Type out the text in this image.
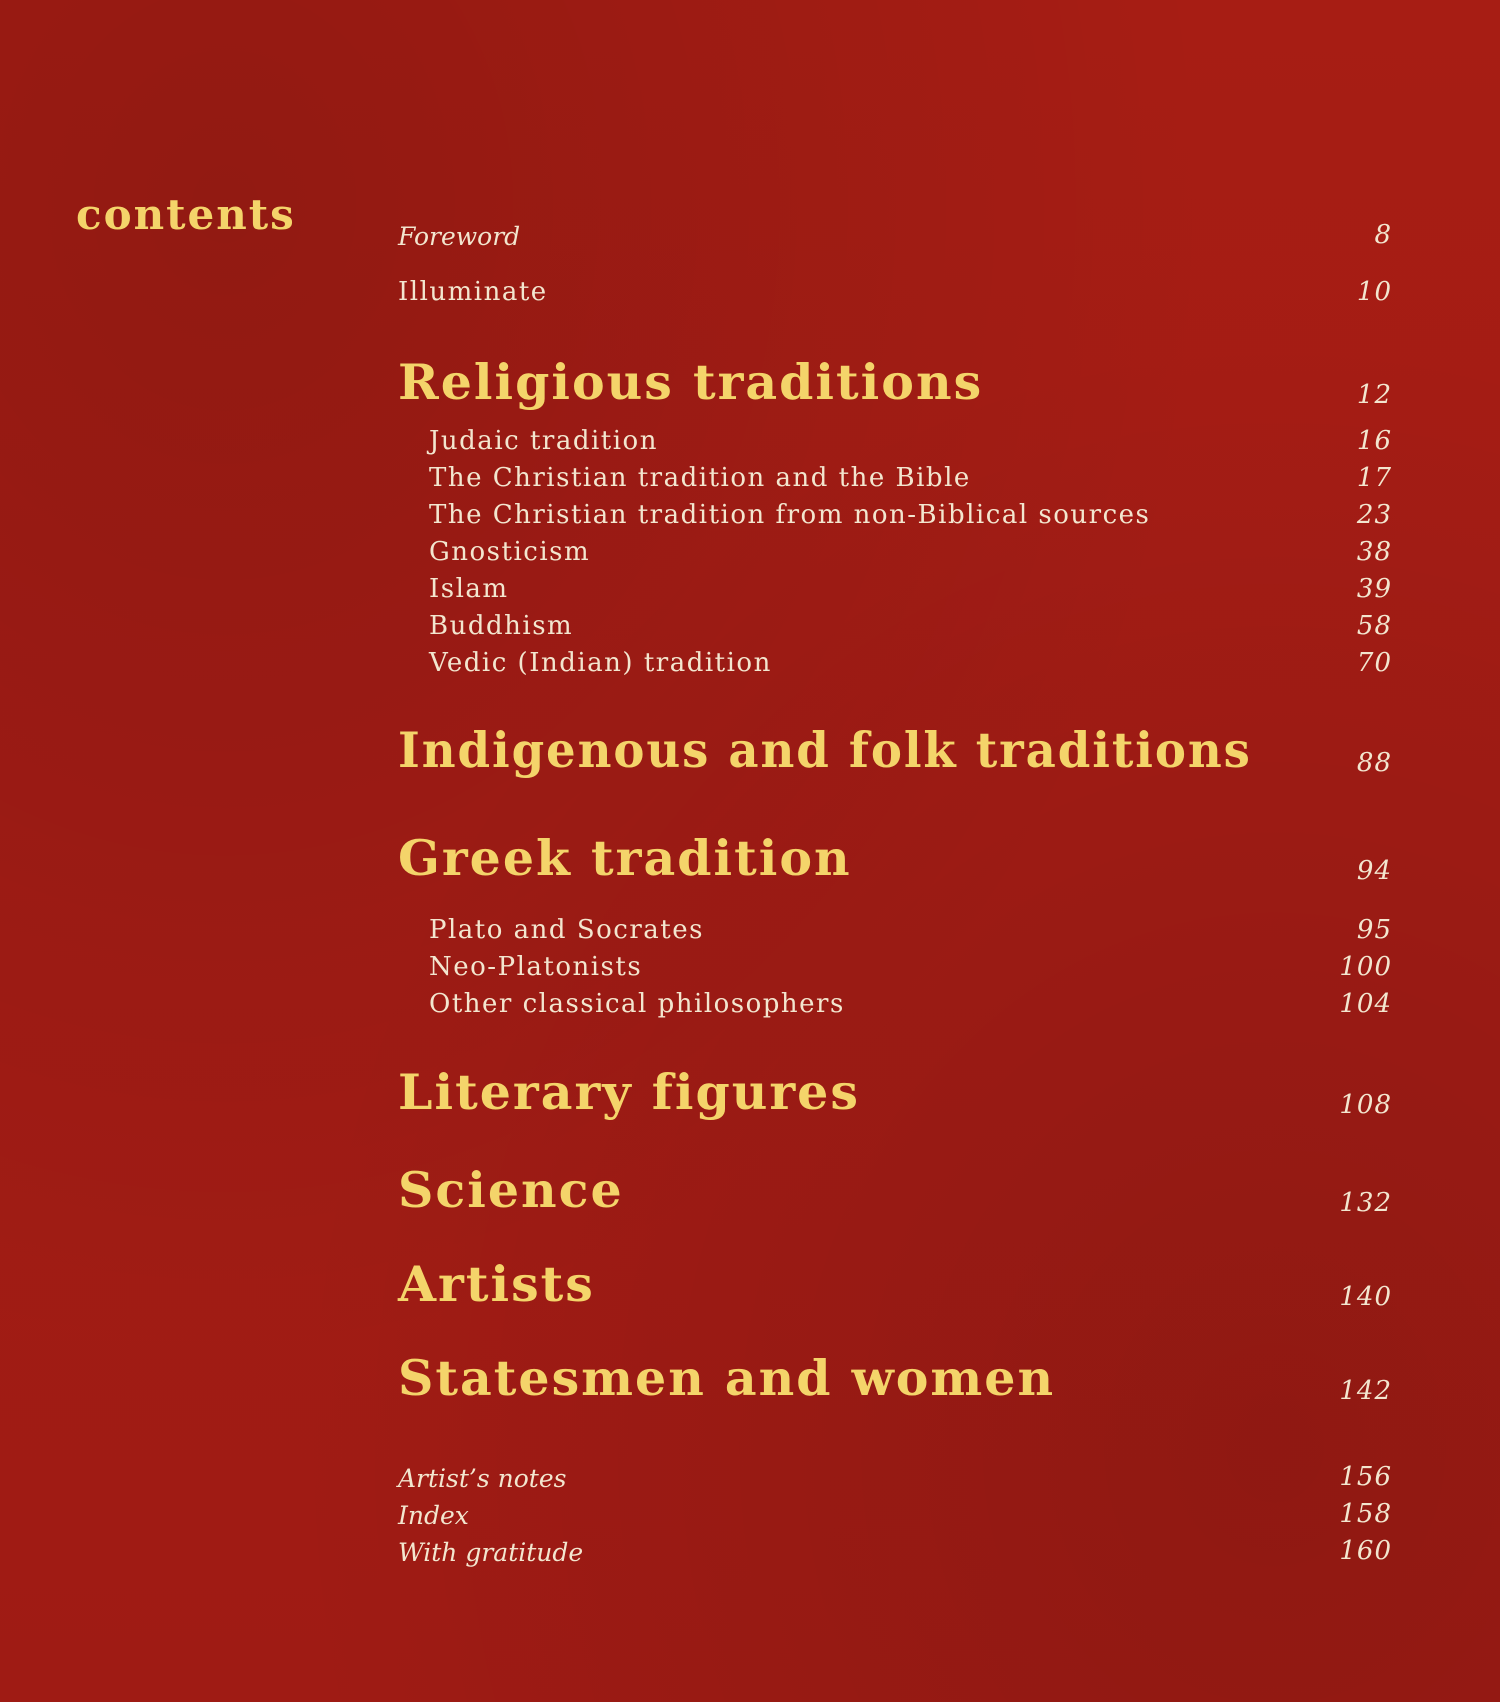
contents	Foreword	8
Illuminate	10
Religious traditions	12
Judaic tradition	16
The Christian tradition and the Bible	17
The Christian tradition from non-Biblical sources	23
Gnosticism	38
Islam	39
Buddhism	58
Vedic (Indian) tradition	70
Indigenous and folk traditions	88
Greek tradition	94
Plato and Socrates	95
Neo-Platonists	100
Other classical philosophers	104
Literary figures	108
Science	132
Artists	140
Statesmen and women	142
Artist’s notes	156
Index	158
With gratitude	160
